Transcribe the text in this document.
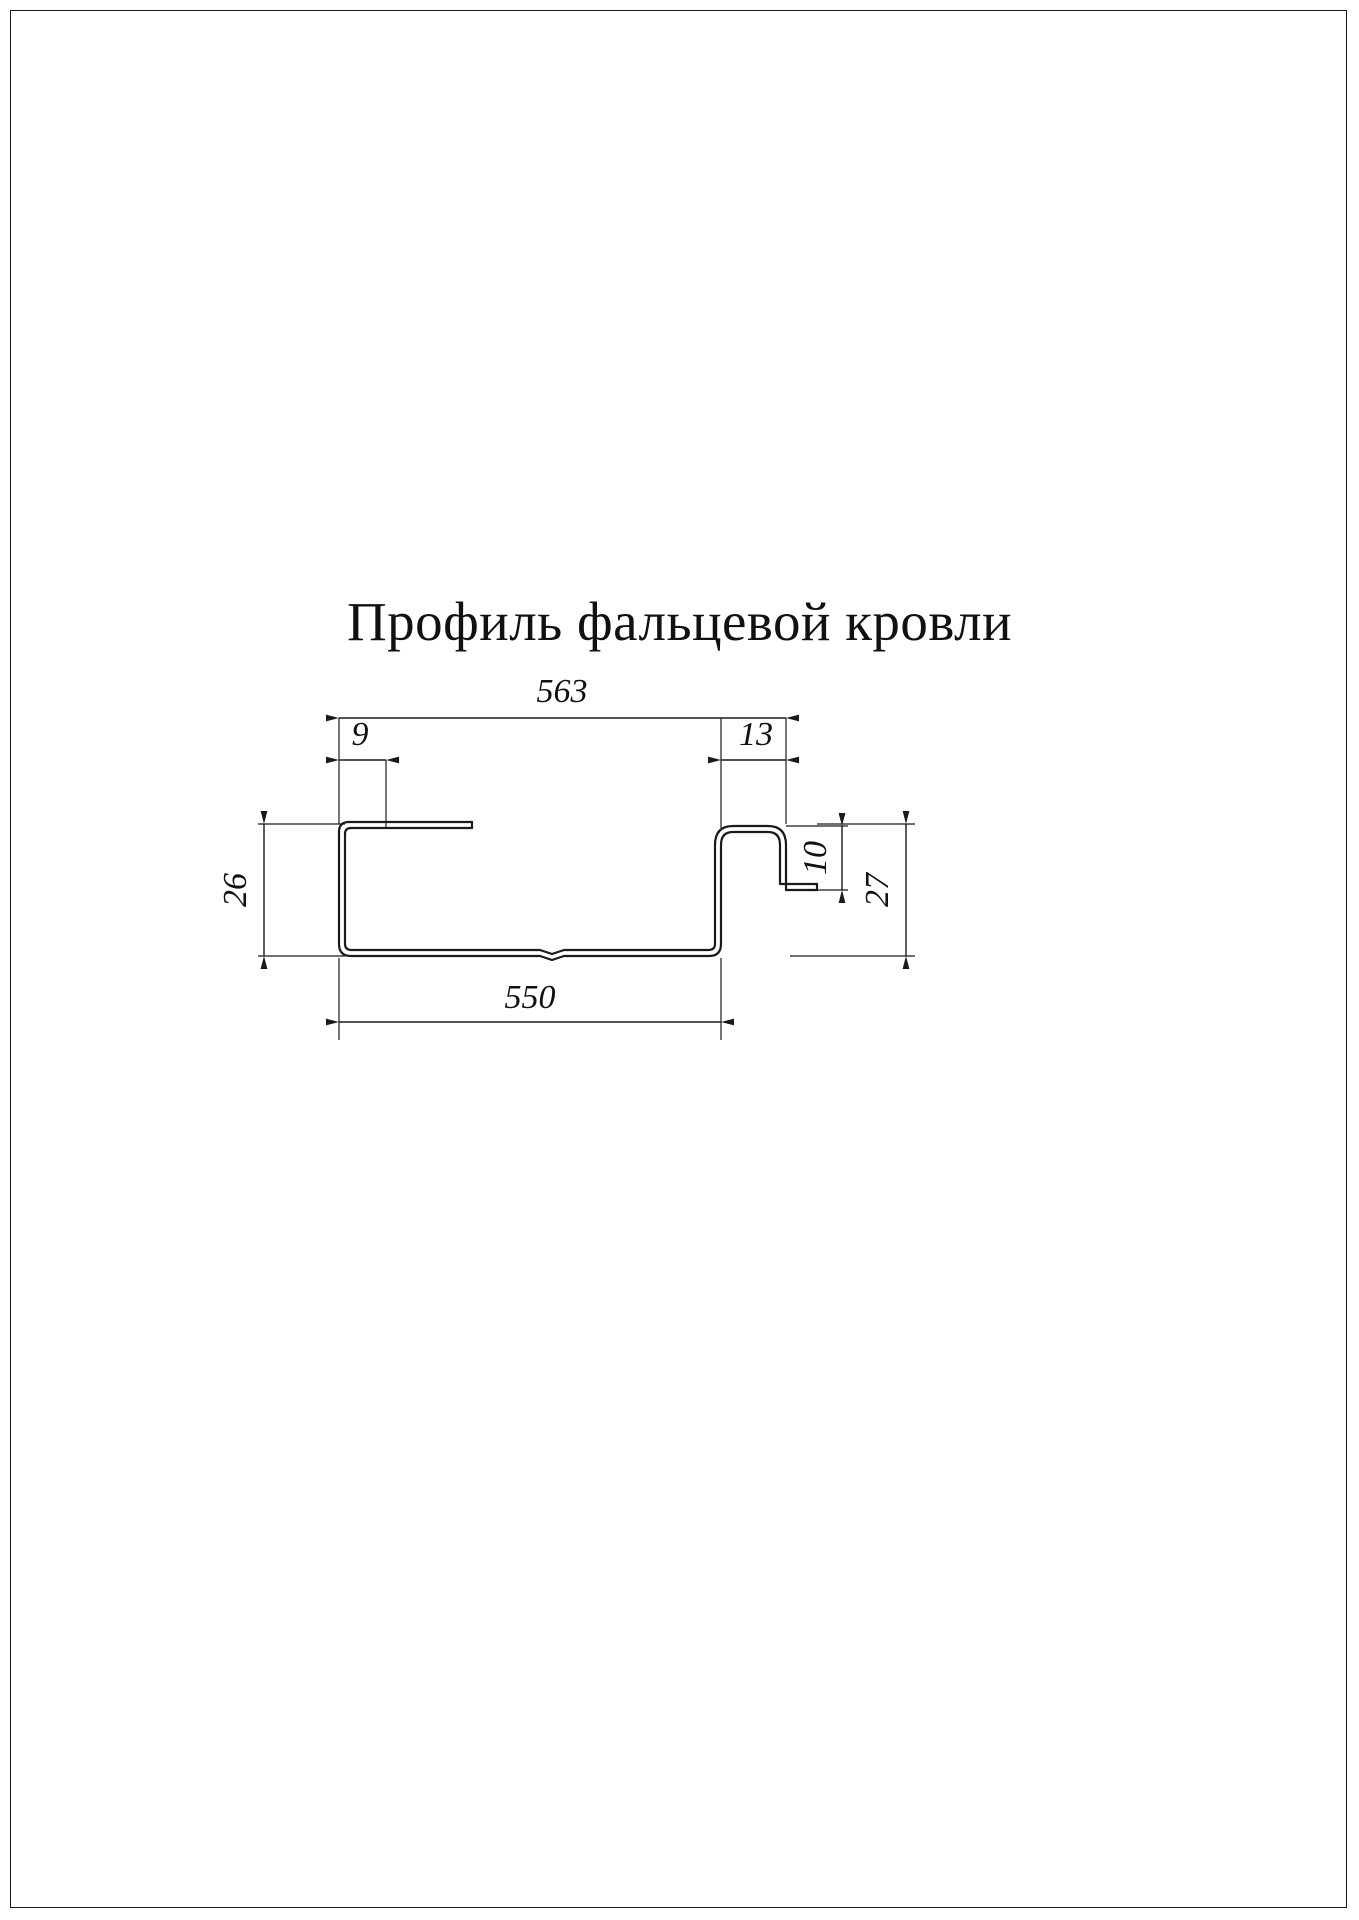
Профиль фальцевой кровли
563
9	13
26
10
27
550
